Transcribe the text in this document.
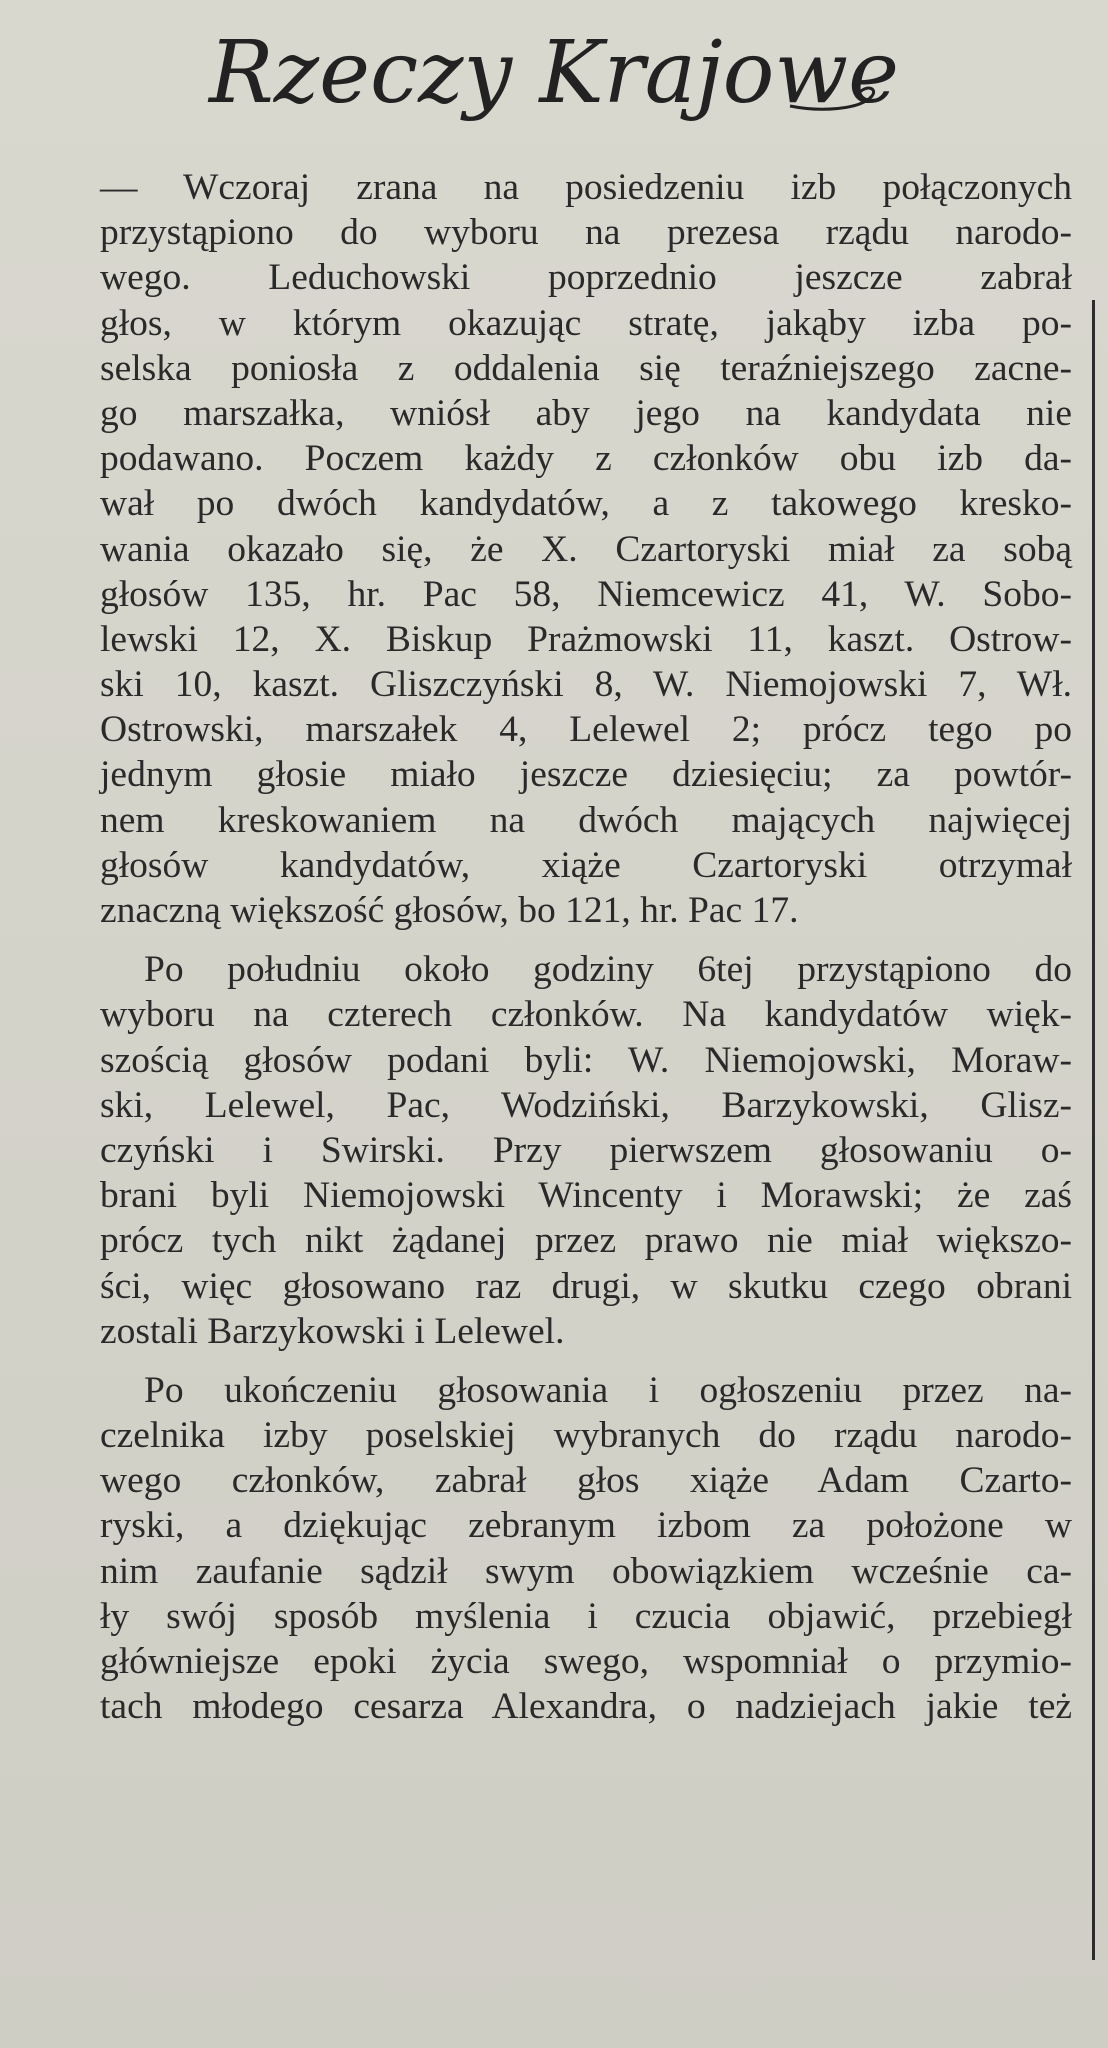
Rzeczy Krajowe
— Wczoraj zrana na posiedzeniu izb połączonych
przystąpiono do wyboru na prezesa rządu narodo-
wego. Leduchowski poprzednio jeszcze zabrał
głos, w którym okazując stratę, jakąby izba po-
selska poniosła z oddalenia się teraźniejszego zacne-
go marszałka, wniósł aby jego na kandydata nie
podawano. Poczem każdy z członków obu izb da-
wał po dwóch kandydatów, a z takowego kresko-
wania okazało się, że X. Czartoryski miał za sobą
głosów 135, hr. Pac 58, Niemcewicz 41, W. Sobo-
lewski 12, X. Biskup Prażmowski 11, kaszt. Ostrow-
ski 10, kaszt. Gliszczyński 8, W. Niemojowski 7, Wł.
Ostrowski, marszałek 4, Lelewel 2; prócz tego po
jednym głosie miało jeszcze dziesięciu; za powtór-
nem kreskowaniem na dwóch mających najwięcej
głosów kandydatów, xiąże Czartoryski otrzymał
znaczną większość głosów, bo 121, hr. Pac 17.
Po południu około godziny 6tej przystąpiono do
wyboru na czterech członków. Na kandydatów więk-
szością głosów podani byli: W. Niemojowski, Moraw-
ski, Lelewel, Pac, Wodziński, Barzykowski, Glisz-
czyński i Swirski. Przy pierwszem głosowaniu o-
brani byli Niemojowski Wincenty i Morawski; że zaś
prócz tych nikt żądanej przez prawo nie miał większo-
ści, więc głosowano raz drugi, w skutku czego obrani
zostali Barzykowski i Lelewel.
Po ukończeniu głosowania i ogłoszeniu przez na-
czelnika izby poselskiej wybranych do rządu narodo-
wego członków, zabrał głos xiąże Adam Czarto-
ryski, a dziękując zebranym izbom za położone w
nim zaufanie sądził swym obowiązkiem wcześnie ca-
ły swój sposób myślenia i czucia objawić, przebiegł
główniejsze epoki życia swego, wspomniał o przymio-
tach młodego cesarza Alexandra, o nadziejach jakie też
